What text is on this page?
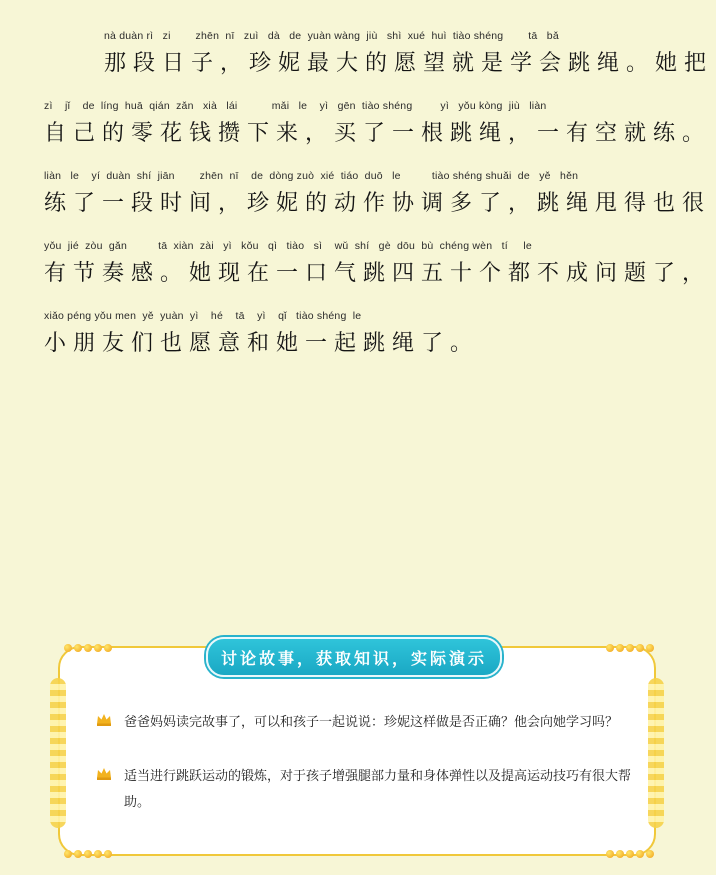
nà duàn rì   zi        zhēn  nī   zuì   dà   de  yuàn wàng  jiù   shì  xué  huì  tiào shéng        tā   bǎ
那段日子，珍妮最大的愿望就是学会跳绳。她把
zì    jǐ    de  líng  huā  qián  zǎn   xià   lái           mǎi   le    yì   gēn  tiào shéng         yì   yǒu kòng  jiù   liàn
自己的零花钱攒下来，买了一根跳绳，一有空就练。
liàn   le    yí  duàn  shí  jiān        zhēn  nī    de  dòng zuò  xié  tiáo  duō   le          tiào shéng shuǎi  de   yě   hěn
练了一段时间，珍妮的动作协调多了，跳绳甩得也很
yǒu  jié  zòu  gǎn          tā  xiàn  zài   yì   kǒu   qì   tiào   sì    wǔ  shí   gè  dōu  bù  chéng wèn   tí     le
有节奏感。她现在一口气跳四五十个都不成问题了，
xiǎo péng yǒu men  yě  yuàn  yì    hé    tā    yì    qǐ   tiào shéng  le
小朋友们也愿意和她一起跳绳了。
讨论故事，获取知识，实际演示
爸爸妈妈读完故事了，可以和孩子一起说说：珍妮这样做是否正确？他会向她学习吗？
适当进行跳跃运动的锻炼，对于孩子增强腿部力量和身体弹性以及提高运动技巧有很大帮助。
